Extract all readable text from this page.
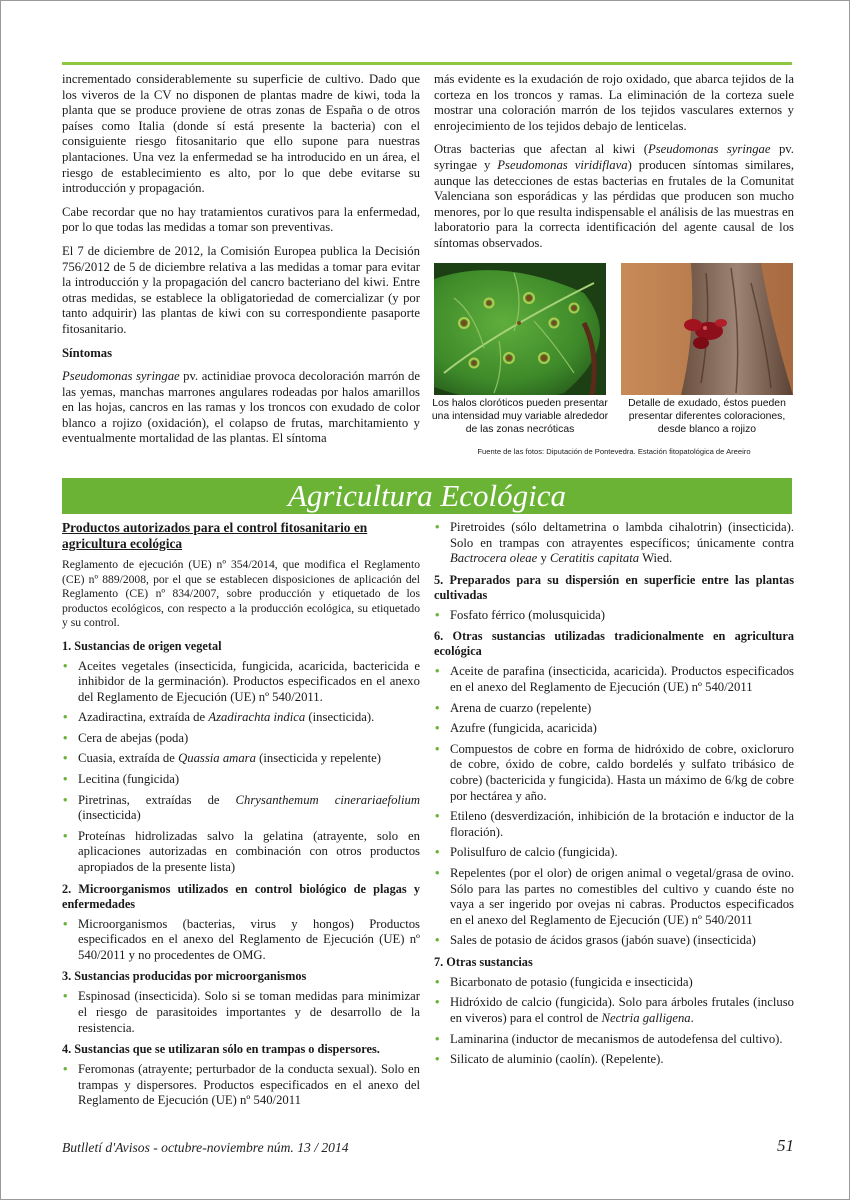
incrementado considerablemente su superficie de cultivo. Dado que los viveros de la CV no disponen de plantas madre de kiwi, toda la planta que se produce proviene de otras zonas de España o de otros países como Italia (donde sí está presente la bacteria) con el consiguiente riesgo fitosanitario que ello supone para nuestras plantaciones. Una vez la enfermedad se ha introducido en un área, el riesgo de establecimiento es alto, por lo que debe evitarse su introducción y propagación.

Cabe recordar que no hay tratamientos curativos para la enfermedad, por lo que todas las medidas a tomar son preventivas.

El 7 de diciembre de 2012, la Comisión Europea publica la Decisión 756/2012 de 5 de diciembre relativa a las medidas a tomar para evitar la introducción y la propagación del cancro bacteriano del kiwi. Entre otras medidas, se establece la obligatoriedad de comercializar (y por tanto adquirir) las plantas de kiwi con su correspondiente pasaporte fitosanitario.

Síntomas

Pseudomonas syringae pv. actinidiae provoca decoloración marrón de las yemas, manchas marrones angulares rodeadas por halos amarillos en las hojas, cancros en las ramas y los troncos con exudado de color blanco a rojizo (oxidación), el colapso de frutas, marchitamiento y eventualmente mortalidad de las plantas. El síntoma

más evidente es la exudación de rojo oxidado, que abarca tejidos de la corteza en los troncos y ramas. La eliminación de la corteza suele mostrar una coloración marrón de los tejidos vasculares externos y enrojecimiento de los tejidos debajo de lenticelas.

Otras bacterias que afectan al kiwi (Pseudomonas syringae pv. syringae y Pseudomonas viridiflava) producen síntomas similares, aunque las detecciones de estas bacterias en frutales de la Comunitat Valenciana son esporádicas y las pérdidas que producen son mucho menores, por lo que resulta indispensable el análisis de las muestras en laboratorio para la correcta identificación del agente causal de los síntomas observados.

Los halos cloróticos pueden presentar una intensidad muy variable alrededor de las zonas necróticas
Detalle de exudado, éstos pueden presentar diferentes coloraciones, desde blanco a rojizo
Fuente de las fotos: Diputación de Pontevedra. Estación fitopatológica de Areeiro
Agricultura Ecológica
Productos autorizados para el control fitosanitario en agricultura ecológica

Reglamento de ejecución (UE) nº 354/2014, que modifica el Reglamento (CE) nº 889/2008, por el que se establecen disposiciones de aplicación del Reglamento (CE) nº 834/2007, sobre producción y etiquetado de los productos ecológicos, con respecto a la producción ecológica, su etiquetado y su control.

1. Sustancias de origen vegetal
• Aceites vegetales (insecticida, fungicida, acaricida, bactericida e inhibidor de la germinación). Productos especificados en el anexo del Reglamento de Ejecución (UE) nº 540/2011.
• Azadiractina, extraída de Azadirachta indica (insecticida).
• Cera de abejas (poda)
• Cuasia, extraída de Quassia amara (insecticida y repelente)
• Lecitina (fungicida)
• Piretrinas, extraídas de Chrysanthemum cinerariaefolium (insecticida)
• Proteínas hidrolizadas salvo la gelatina (atrayente, solo en aplicaciones autorizadas en combinación con otros productos apropiados de la presente lista)
2. Microorganismos utilizados en control biológico de plagas y enfermedades
• Microorganismos (bacterias, virus y hongos) Productos especificados en el anexo del Reglamento de Ejecución (UE) nº 540/2011 y no procedentes de OMG.
3. Sustancias producidas por microorganismos
• Espinosad (insecticida). Solo si se toman medidas para minimizar el riesgo de parasitoides importantes y de desarrollo de la resistencia.
4. Sustancias que se utilizaran sólo en trampas o dispersores.
• Feromonas (atrayente; perturbador de la conducta sexual). Solo en trampas y dispersores. Productos especificados en el anexo del Reglamento de Ejecución (UE) nº 540/2011
• Piretroides (sólo deltametrina o lambda cihalotrin) (insecticida). Solo en trampas con atrayentes específicos; únicamente contra Bactrocera oleae y Ceratitis capitata Wied.
5. Preparados para su dispersión en superficie entre las plantas cultivadas
• Fosfato férrico (molusquicida)
6. Otras sustancias utilizadas tradicionalmente en agricultura ecológica
• Aceite de parafina (insecticida, acaricida). Productos especificados en el anexo del Reglamento de Ejecución (UE) nº 540/2011
• Arena de cuarzo (repelente)
• Azufre (fungicida, acaricida)
• Compuestos de cobre en forma de hidróxido de cobre, oxicloruro de cobre, óxido de cobre, caldo bordelés y sulfato tribásico de cobre) (bactericida y fungicida). Hasta un máximo de 6/kg de cobre por hectárea y año.
• Etileno (desverdización, inhibición de la brotación e inductor de la floración).
• Polisulfuro de calcio (fungicida).
• Repelentes (por el olor) de origen animal o vegetal/grasa de ovino. Sólo para las partes no comestibles del cultivo y cuando éste no vaya a ser ingerido por ovejas ni cabras. Productos especificados en el anexo del Reglamento de Ejecución (UE) nº 540/2011
• Sales de potasio de ácidos grasos (jabón suave) (insecticida)
7. Otras sustancias
• Bicarbonato de potasio (fungicida e insecticida)
• Hidróxido de calcio (fungicida). Solo para árboles frutales (incluso en viveros) para el control de Nectria galligena.
• Laminarina (inductor de mecanismos de autodefensa del cultivo).
• Silicato de aluminio (caolín). (Repelente).
Butlletí d'Avisos - octubre-noviembre núm. 13 / 2014	51
